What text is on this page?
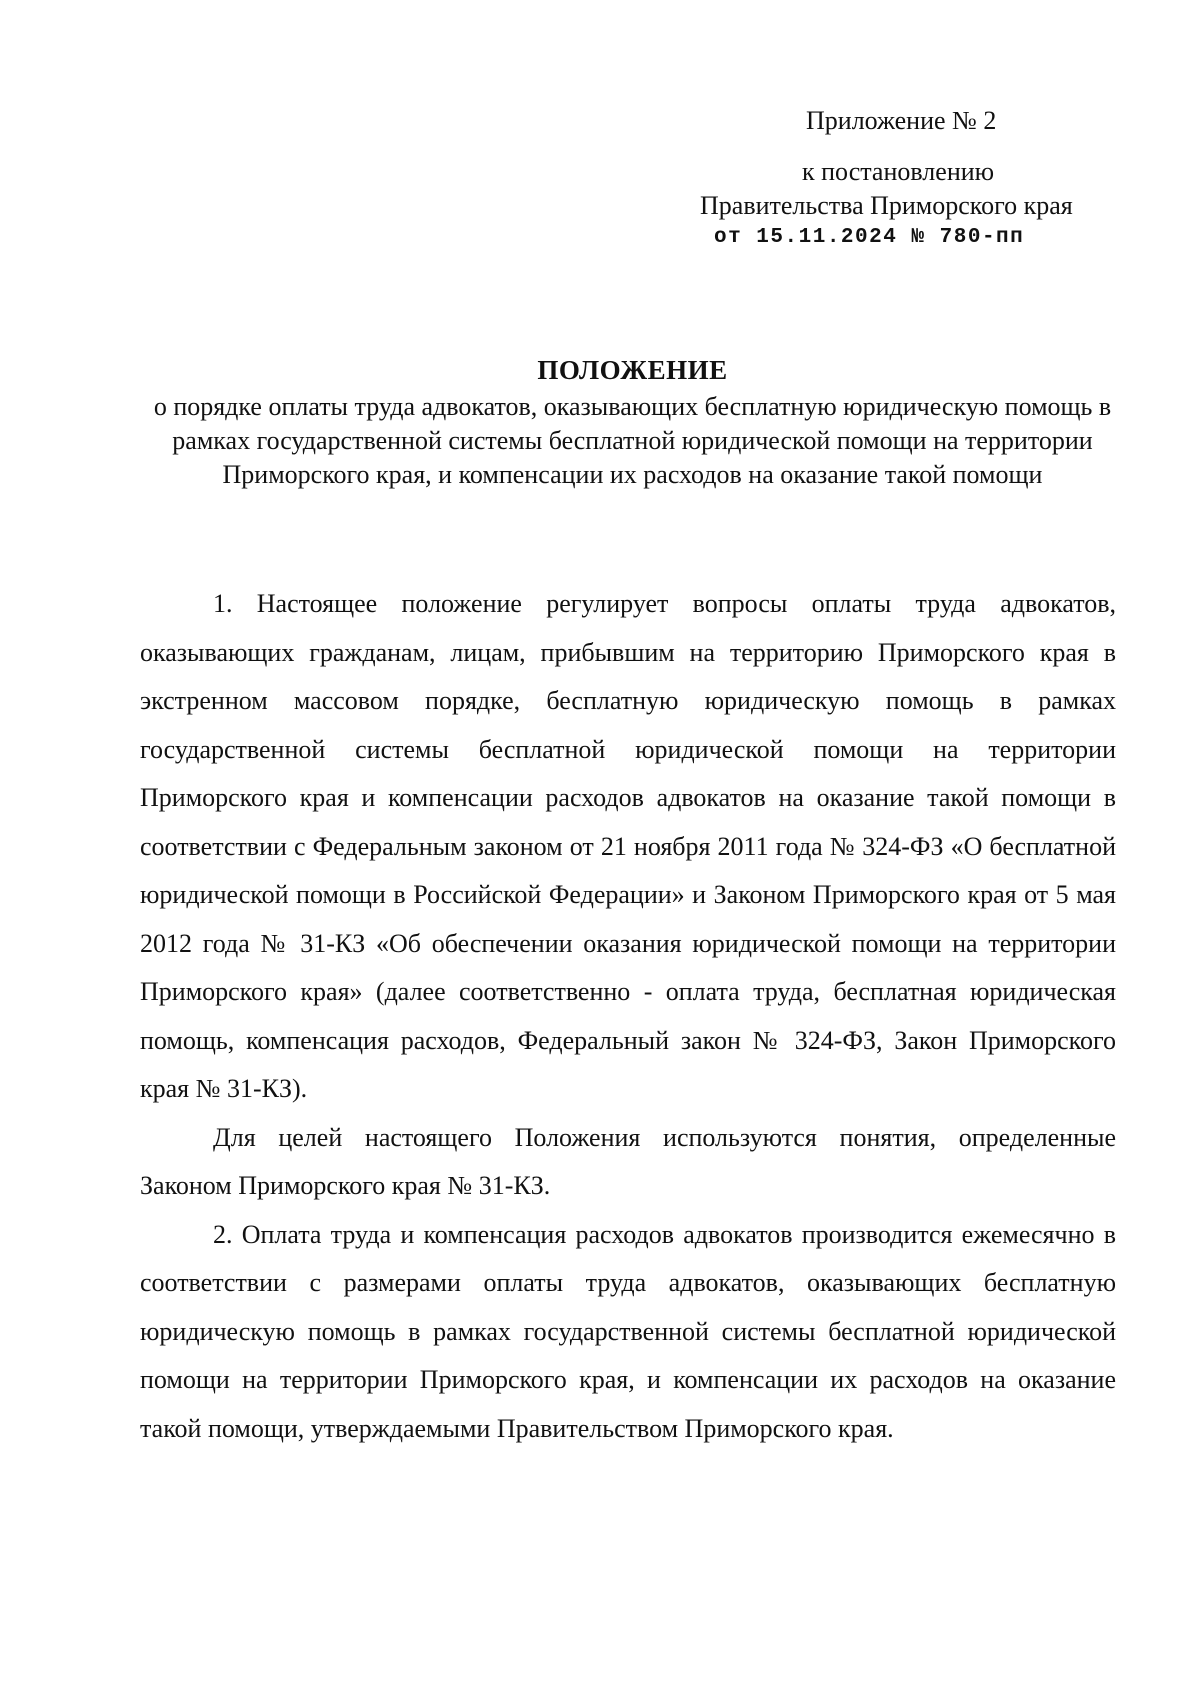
Приложение № 2
к постановлению
Правительства Приморского края
от 15.11.2024 № 780-пп
ПОЛОЖЕНИЕ
о порядке оплаты труда адвокатов, оказывающих бесплатную юридическую помощь в рамках государственной системы бесплатной юридической помощи на территории Приморского края, и компенсации их расходов на оказание такой помощи

1. Настоящее положение регулирует вопросы оплаты труда адвокатов, оказывающих гражданам, лицам, прибывшим на территорию Приморского края в экстренном массовом порядке, бесплатную юридическую помощь в рамках государственной системы бесплатной юридической помощи на территории Приморского края и компенсации расходов адвокатов на оказание такой помощи в соответствии с Федеральным законом от 21 ноября 2011 года № 324-ФЗ «О бесплатной юридической помощи в Российской Федерации» и Законом Приморского края от 5 мая 2012 года № 31-КЗ «Об обеспечении оказания юридической помощи на территории Приморского края» (далее соответственно - оплата труда, бесплатная юридическая помощь, компенсация расходов, Федеральный закон № 324-ФЗ, Закон Приморского края № 31-КЗ).

Для целей настоящего Положения используются понятия, определенные Законом Приморского края № 31-КЗ.

2. Оплата труда и компенсация расходов адвокатов производится ежемесячно в соответствии с размерами оплаты труда адвокатов, оказывающих бесплатную юридическую помощь в рамках государственной системы бесплатной юридической помощи на территории Приморского края, и компенсации их расходов на оказание такой помощи, утверждаемыми Правительством Приморского края.
